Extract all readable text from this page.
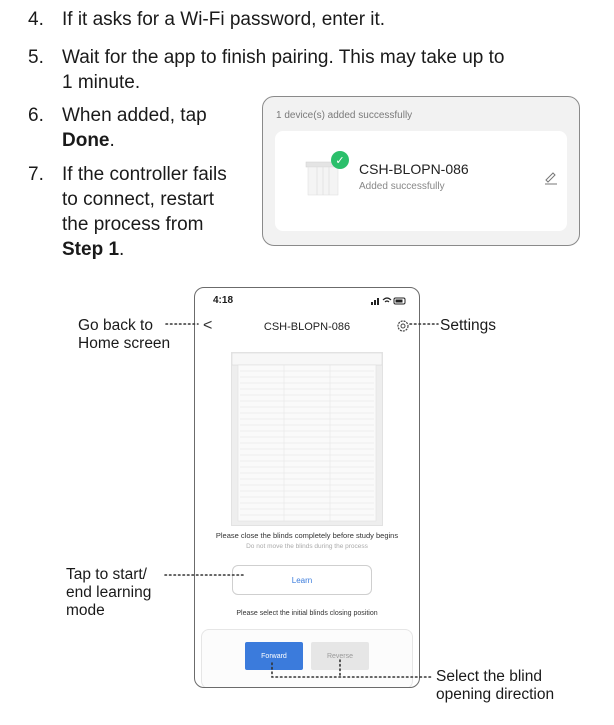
4. If it asks for a Wi-Fi password, enter it.
5. Wait for the app to finish pairing. This may take up to
1 minute.
6. When added, tap
Done.
7. If the controller fails
to connect, restart
the process from
Step 1.
1 device(s) added successfully
✓
CSH-BLOPN-086
Added successfully
4:18
<	CSH-BLOPN-086
Please close the blinds completely before study begins
Do not move the blinds during the process
Learn
Please select the initial blinds closing position
Forward	Reverse
Go back to
Home screen
Settings
Tap to start/
end learning
mode
Select the blind
opening direction
